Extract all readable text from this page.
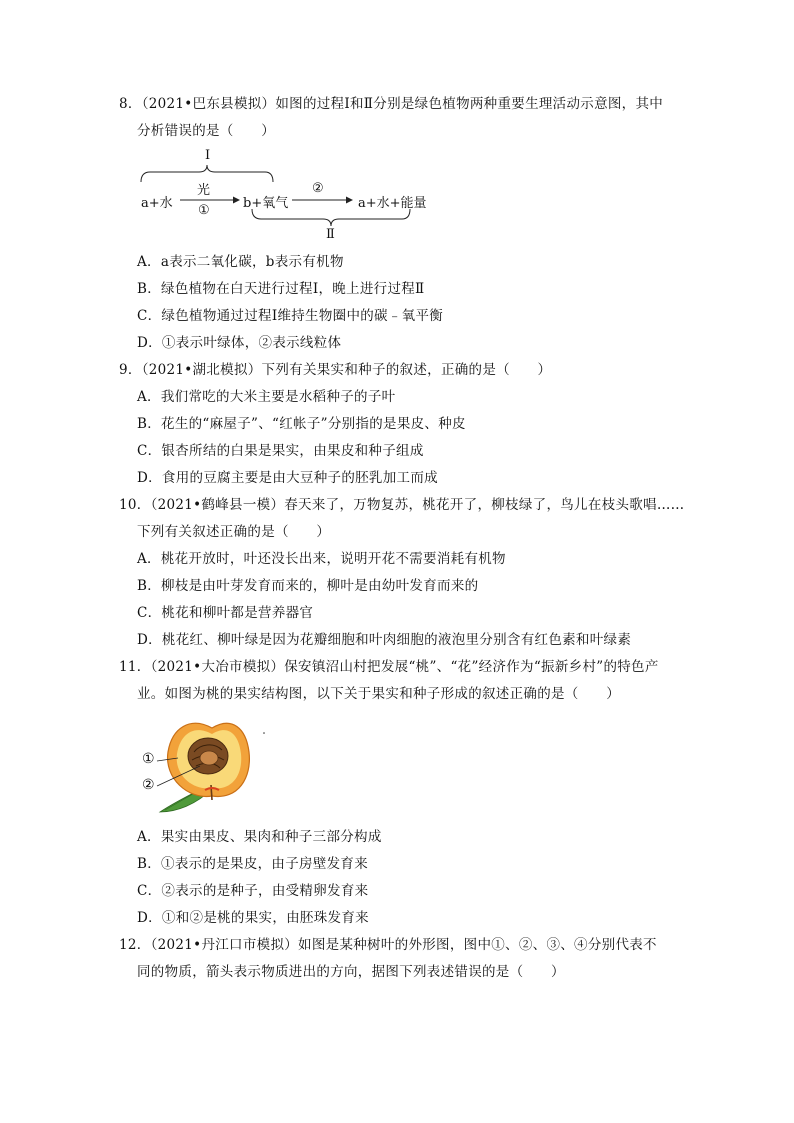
8．（2021•巴东县模拟）如图的过程Ⅰ和Ⅱ分别是绿色植物两种重要生理活动示意图，其中
分析错误的是（　　）
Ⅰ
a+水
光
①	b+氧气
②
a+水+能量
Ⅱ
A．a表示二氧化碳，b表示有机物
B．绿色植物在白天进行过程Ⅰ，晚上进行过程Ⅱ
C．绿色植物通过过程Ⅰ维持生物圈中的碳﹣氧平衡
D．①表示叶绿体，②表示线粒体
9．（2021•湖北模拟）下列有关果实和种子的叙述，正确的是（　　）
A．我们常吃的大米主要是水稻种子的子叶
B．花生的“麻屋子”、“红帐子”分别指的是果皮、种皮
C．银杏所结的白果是果实，由果皮和种子组成
D．食用的豆腐主要是由大豆种子的胚乳加工而成
10．（2021•鹤峰县一模）春天来了，万物复苏，桃花开了，柳枝绿了，鸟儿在枝头歌唱……
下列有关叙述正确的是（　　）
A．桃花开放时，叶还没长出来，说明开花不需要消耗有机物
B．柳枝是由叶芽发育而来的，柳叶是由幼叶发育而来的
C．桃花和柳叶都是营养器官
D．桃花红、柳叶绿是因为花瓣细胞和叶肉细胞的液泡里分别含有红色素和叶绿素
11．（2021•大冶市模拟）保安镇沼山村把发展“桃”、“花”经济作为“振新乡村”的特色产
业。如图为桃的果实结构图，以下关于果实和种子形成的叙述正确的是（　　）
①
②
A．果实由果皮、果肉和种子三部分构成
B．①表示的是果皮，由子房壁发育来
C．②表示的是种子，由受精卵发育来
D．①和②是桃的果实，由胚珠发育来
12．（2021•丹江口市模拟）如图是某种树叶的外形图，图中①、②、③、④分别代表不
同的物质，箭头表示物质进出的方向，据图下列表述错误的是（　　）
